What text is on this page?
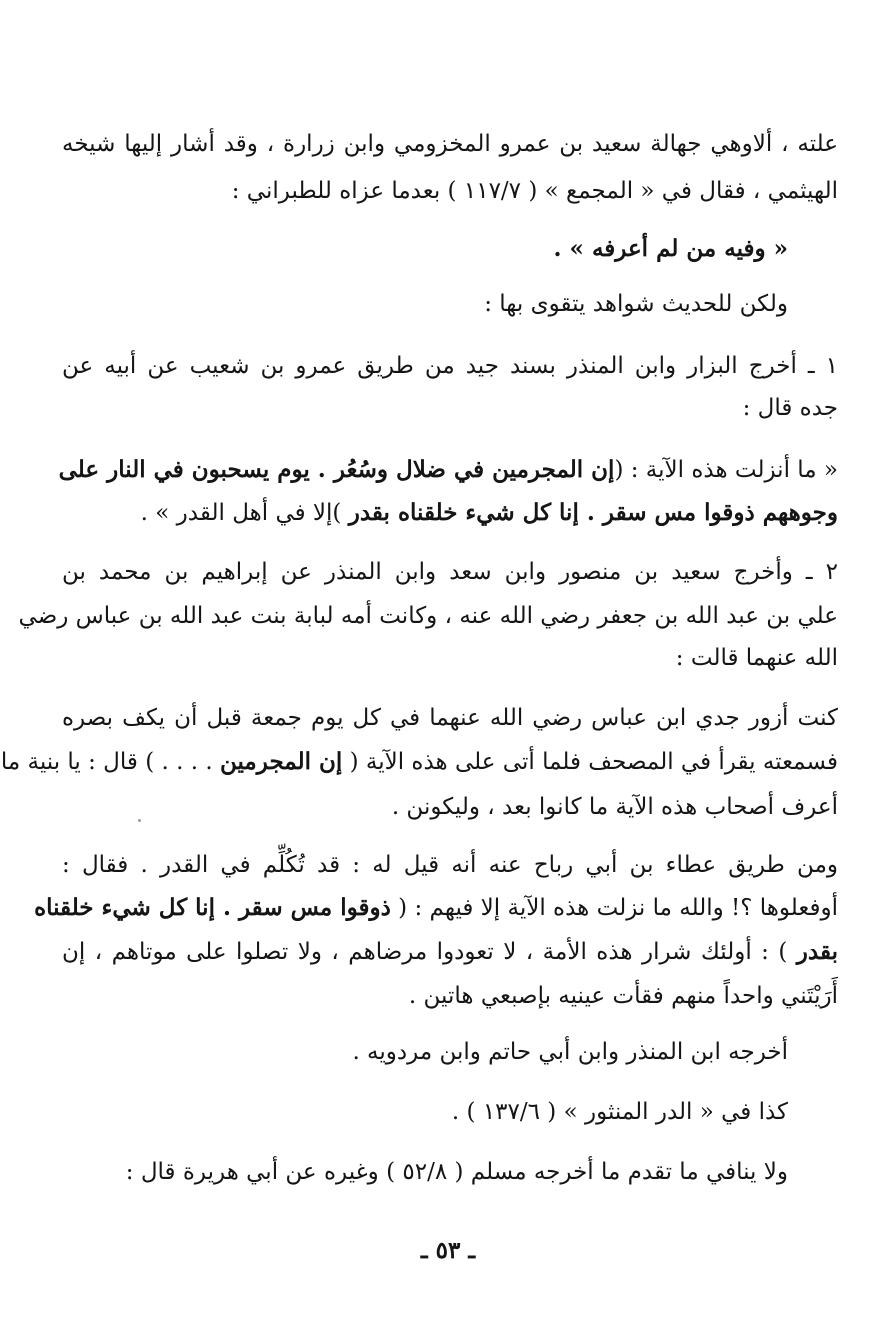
علته ، ألاوهي جهالة سعيد بن عمرو المخزومي وابن زرارة ، وقد أشار إليها شيخه
الهيثمي ، فقال في « المجمع » ( ١١٧/٧ ) بعدما عزاه للطبراني :
« وفيه من لم أعرفه » .
ولكن للحديث شواهد يتقوى بها :
١ ـ أخرج البزار وابن المنذر بسند جيد من طريق عمرو بن شعيب عن أبيه عن
جده قال :
« ما أنزلت هذه الآية : (إن المجرمين في ضلال وسُعُر . يوم يسحبون في النار على
وجوههم ذوقوا مس سقر . إنا كل شيء خلقناه بقدر )إلا في أهل القدر » .
٢ ـ وأخرج سعيد بن منصور وابن سعد وابن المنذر عن إبراهيم بن محمد بن
علي بن عبد الله بن جعفر رضي الله عنه ، وكانت أمه لبابة بنت عبد الله بن عباس رضي
الله عنهما قالت :
كنت أزور جدي ابن عباس رضي الله عنهما في كل يوم جمعة قبل أن يكف بصره
فسمعته يقرأ في المصحف فلما أتى على هذه الآية ( إن المجرمين . . . . ) قال : يا بنية ما
أعرف أصحاب هذه الآية ما كانوا بعد ، وليكونن .
ومن طريق عطاء بن أبي رباح عنه أنه قيل له : قد تُكُلِّم في القدر . فقال :
أوفعلوها ؟! والله ما نزلت هذه الآية إلا فيهم : ( ذوقوا مس سقر . إنا كل شيء خلقناه
بقدر ) : أولئك شرار هذه الأمة ، لا تعودوا مرضاهم ، ولا تصلوا على موتاهم ، إن
أَرَيْتَني واحداً منهم فقأت عينيه بإصبعي هاتين .
أخرجه ابن المنذر وابن أبي حاتم وابن مردويه .
كذا في « الدر المنثور » ( ١٣٧/٦ ) .
ولا ينافي ما تقدم ما أخرجه مسلم ( ٥٢/٨ ) وغيره عن أبي هريرة قال :
ـ ٥٣ ـ
